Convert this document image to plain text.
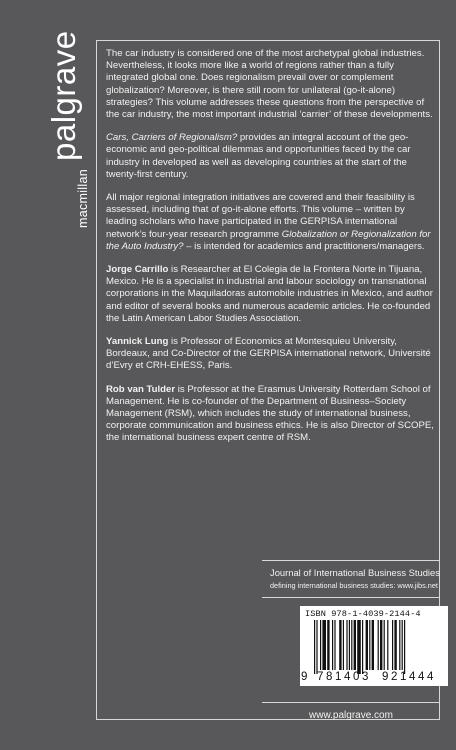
palgrave
macmillan

The car industry is considered one of the most archetypal global industries. Nevertheless, it looks more like a world of regions rather than a fully integrated global one. Does regionalism prevail over or complement globalization? Moreover, is there still room for unilateral (go-it-alone) strategies? This volume addresses these questions from the perspective of the car industry, the most important industrial ‘carrier’ of these developments.

Cars, Carriers of Regionalism? provides an integral account of the geo-economic and geo-political dilemmas and opportunities faced by the car industry in developed as well as developing countries at the start of the twenty-first century.

All major regional integration initiatives are covered and their feasibility is assessed, including that of go-it-alone efforts. This volume – written by leading scholars who have participated in the GERPISA international network’s four-year research programme Globalization or Regionalization for the Auto Industry? – is intended for academics and practitioners/managers.

Jorge Carrillo is Researcher at El Colegia de la Frontera Norte in Tijuana, Mexico. He is a specialist in industrial and labour sociology on transnational corporations in the Maquiladoras automobile industries in Mexico, and author and editor of several books and numerous academic articles. He co-founded the Latin American Labor Studies Association.

Yannick Lung is Professor of Economics at Montesquieu University, Bordeaux, and Co-Director of the GERPISA international network, Université d’Evry et CRH-EHESS, Paris.

Rob van Tulder is Professor at the Erasmus University Rotterdam School of Management. He is co-founder of the Department of Business–Society Management (RSM), which includes the study of international business, corporate communication and business ethics. He is also Director of SCOPE, the international business expert centre of RSM.

Journal of International Business Studies
defining international business studies: www.jibs.net
ISBN 978-1-4039-2144-4
9 781403 921444
www.palgrave.com
